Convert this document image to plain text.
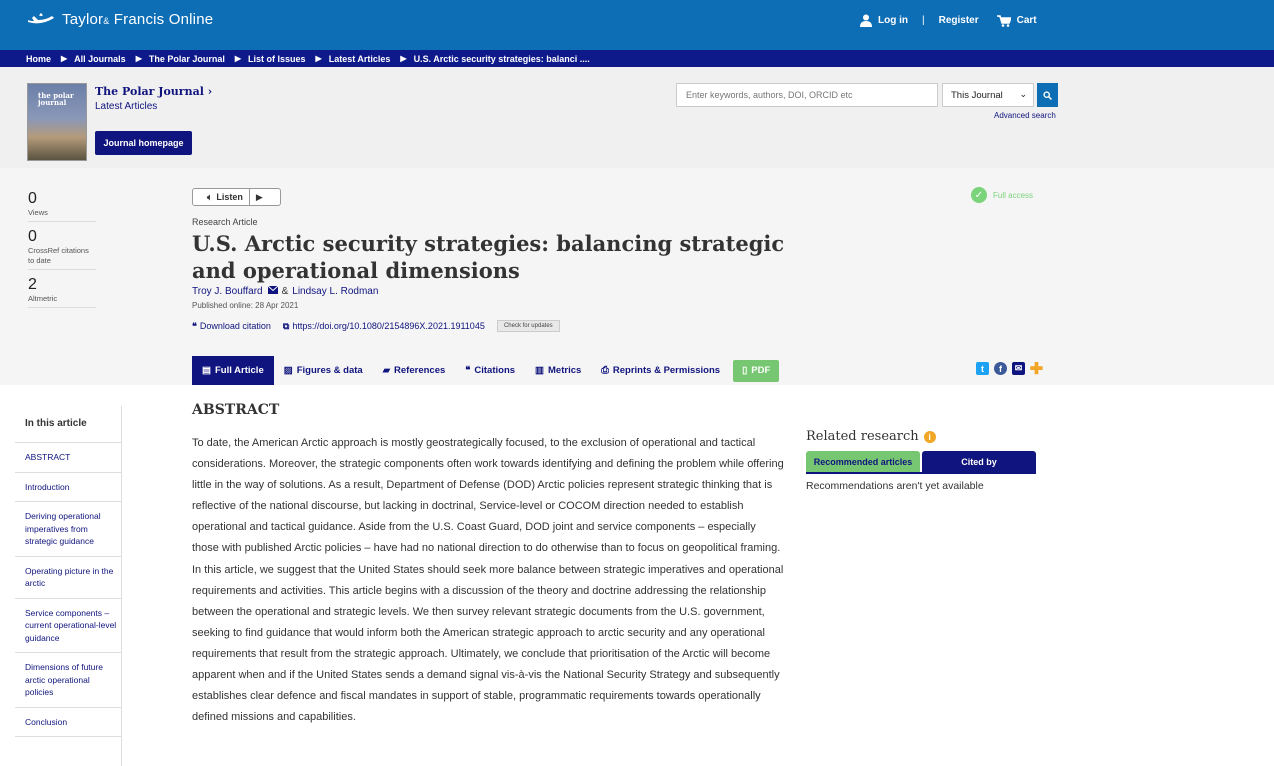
Taylor& Francis Online	Log in | Register	Cart
Home ▶ All Journals ▶ The Polar Journal ▶ List of Issues ▶ Latest Articles ▶ U.S. Arctic security strategies: balanci ....
the polar journal
The Polar Journal ›
Latest Articles
Journal homepage
Enter keywords, authors, DOI, ORCID etc	This Journal ⌄
Advanced search
0
Views
0
CrossRef citations to date
2
Altmetric
🔈︎ Listen	▶	✓	Full access
Research Article
U.S. Arctic security strategies: balancing strategic and operational dimensions
Troy J. Bouffard & Lindsay L. Rodman
Published online: 28 Apr 2021
❝ Download citation ⧉ https://doi.org/10.1080/2154896X.2021.1911045	Check for updates
▤ Full Article ▨ Figures & data ▰ References ❝ Citations ▥ Metrics ⎙ Reprints & Permissions ▯ PDF	t	f	✉ ✚
In this article
ABSTRACT
Introduction
Deriving operational imperatives from strategic guidance
Operating picture in the arctic
Service components – current operational-level guidance
Dimensions of future arctic operational policies
Conclusion
ABSTRACT
To date, the American Arctic approach is mostly geostrategically focused, to the exclusion of operational and tactical considerations. Moreover, the strategic components often work towards identifying and defining the problem while offering little in the way of solutions. As a result, Department of Defense (DOD) Arctic policies represent strategic thinking that is reflective of the national discourse, but lacking in doctrinal, Service-level or COCOM direction needed to establish operational and tactical guidance. Aside from the U.S. Coast Guard, DOD joint and service components – especially those with published Arctic policies – have had no national direction to do otherwise than to focus on geopolitical framing. In this article, we suggest that the United States should seek more balance between strategic imperatives and operational requirements and activities. This article begins with a discussion of the theory and doctrine addressing the relationship between the operational and strategic levels. We then survey relevant strategic documents from the U.S. government, seeking to find guidance that would inform both the American strategic approach to arctic security and any operational requirements that result from the strategic approach. Ultimately, we conclude that prioritisation of the Arctic will become apparent when and if the United States sends a demand signal vis-à-vis the National Security Strategy and subsequently establishes clear defence and fiscal mandates in support of stable, programmatic requirements towards operationally defined missions and capabilities.
Related research	i
Recommended articles	Cited by
Recommendations aren't yet available
